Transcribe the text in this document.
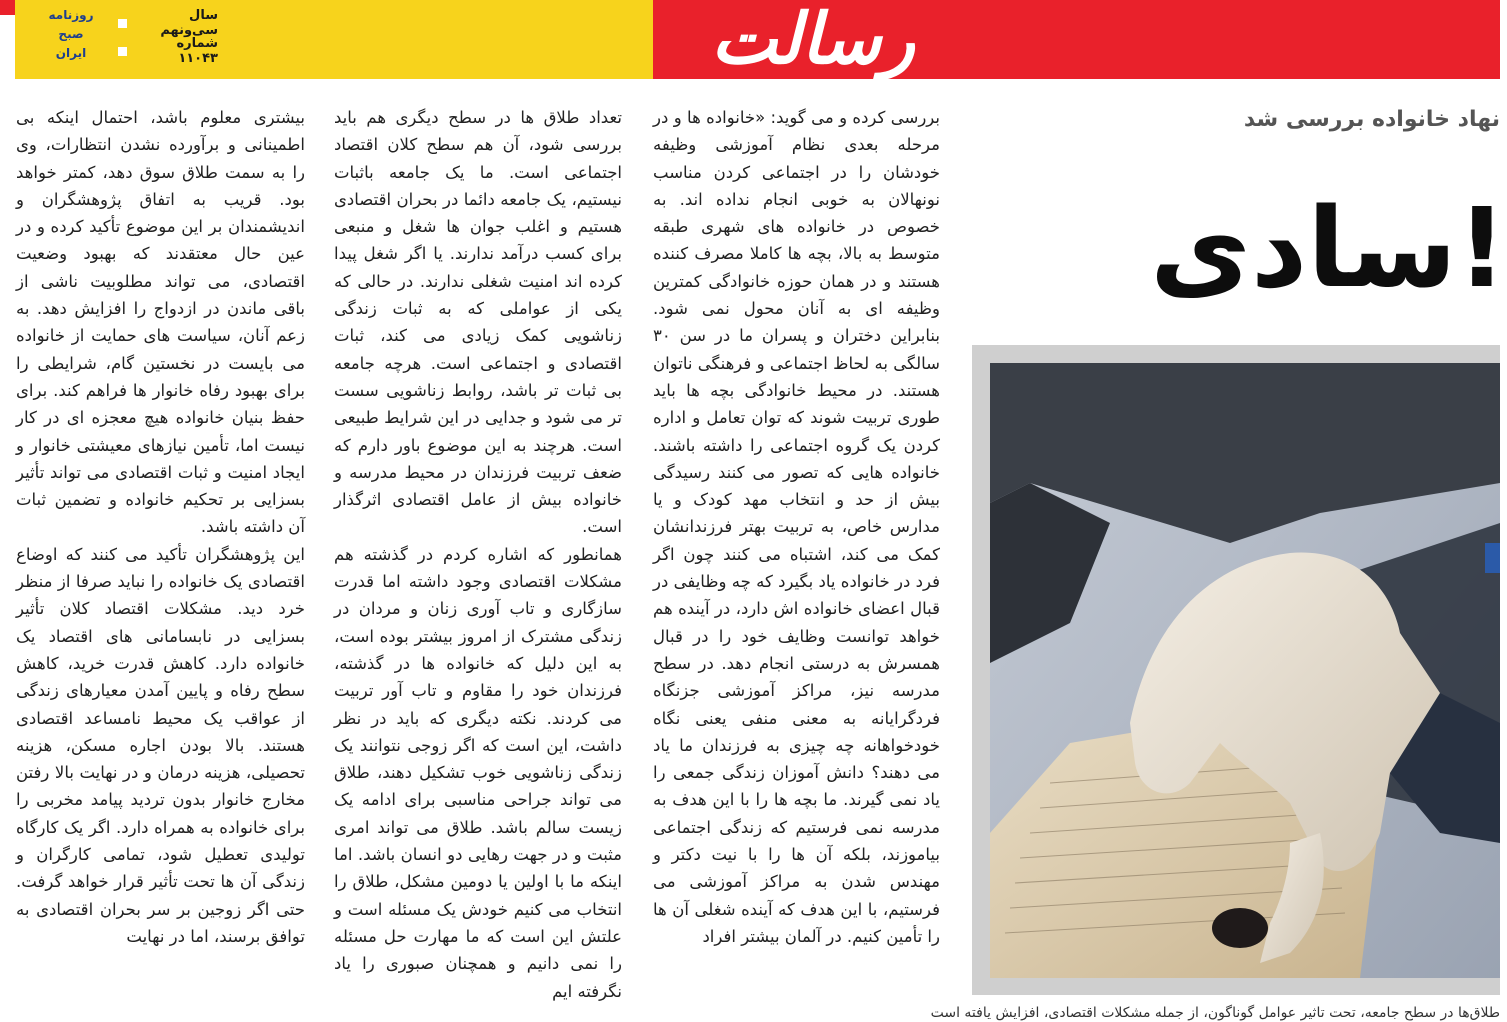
روزنامه
صبح
ایران
سال سی‌ونهم
شماره ۱۱۰۴۳	رسالت

بررسی کرده و می گوید: «خانواده ها و در مرحله بعدی نظام آموزشی وظیفه خودشان را در اجتماعی کردن مناسب نونهالان به خوبی انجام نداده اند. به خصوص در خانواده های شهری طبقه متوسط به بالا، بچه ها کاملا مصرف کننده هستند و در همان حوزه خانوادگی کمترین وظیفه ای به آنان محول نمی شود. بنابراین دختران و پسران ما در سن ۳۰ سالگی به لحاظ اجتماعی و فرهنگی ناتوان هستند. در محیط خانوادگی بچه ها باید طوری تربیت شوند که توان تعامل و اداره کردن یک گروه اجتماعی را داشته باشند. خانواده هایی که تصور می کنند رسیدگی بیش از حد و انتخاب مهد کودک و یا مدارس خاص، به تربیت بهتر فرزندانشان کمک می کند، اشتباه می کنند چون اگر فرد در خانواده یاد بگیرد که چه وظایفی در قبال اعضای خانواده اش دارد، در آینده هم خواهد توانست وظایف خود را در قبال همسرش به درستی انجام دهد. در سطح مدرسه نیز، مراکز آموزشی جزنگاه فردگرایانه به معنی منفی یعنی نگاه خودخواهانه چه چیزی به فرزندان ما یاد می دهند؟ دانش آموزان زندگی جمعی را یاد نمی گیرند. ما بچه ها را با این هدف به مدرسه نمی فرستیم که زندگی اجتماعی بیاموزند، بلکه آن ها را با نیت دکتر و مهندس شدن به مراکز آموزشی می فرستیم، با این هدف که آینده شغلی آن ها را تأمین کنیم. در آلمان بیشتر افراد

تعداد طلاق ها در سطح دیگری هم باید بررسی شود، آن هم سطح کلان اقتصاد اجتماعی است. ما یک جامعه باثبات نیستیم، یک جامعه دائما در بحران اقتصادی هستیم و اغلب جوان ها شغل و منبعی برای کسب درآمد ندارند. یا اگر شغل پیدا کرده اند امنیت شغلی ندارند. در حالی که یکی از عواملی که به ثبات زندگی زناشویی کمک زیادی می کند، ثبات اقتصادی و اجتماعی است. هرچه جامعه بی ثبات تر باشد، روابط زناشویی سست تر می شود و جدایی در این شرایط طبیعی است. هرچند به این موضوع باور دارم که ضعف تربیت فرزندان در محیط مدرسه و خانواده بیش از عامل اقتصادی اثرگذار است.

همانطور که اشاره کردم در گذشته هم مشکلات اقتصادی وجود داشته اما قدرت سازگاری و تاب آوری زنان و مردان در زندگی مشترک از امروز بیشتر بوده است، به این دلیل که خانواده ها در گذشته، فرزندان خود را مقاوم و تاب آور تربیت می کردند. نکته دیگری که باید در نظر داشت، این است که اگر زوجی نتوانند یک زندگی زناشویی خوب تشکیل دهند، طلاق می تواند جراحی مناسبی برای ادامه یک زیست سالم باشد. طلاق می تواند امری مثبت و در جهت رهایی دو انسان باشد. اما اینکه ما با اولین یا دومین مشکل، طلاق را انتخاب می کنیم خودش یک مسئله است و علتش این است که ما مهارت حل مسئله را نمی دانیم و همچنان صبوری را یاد نگرفته ایم

بیشتری معلوم باشد، احتمال اینکه بی اطمینانی و برآورده نشدن انتظارات، وی را به سمت طلاق سوق دهد، کمتر خواهد بود. قریب به اتفاق پژوهشگران و اندیشمندان بر این موضوع تأکید کرده و در عین حال معتقدند که بهبود وضعیت اقتصادی، می تواند مطلوبیت ناشی از باقی ماندن در ازدواج را افزایش دهد. به زعم آنان، سیاست های حمایت از خانواده می بایست در نخستین گام، شرایطی را برای بهبود رفاه خانوار ها فراهم کند. برای حفظ بنیان خانواده هیچ معجزه ای در کار نیست اما، تأمین نیازهای معیشتی خانوار و ایجاد امنیت و ثبات اقتصادی می تواند تأثیر بسزایی بر تحکیم خانواده و تضمین ثبات آن داشته باشد.

این پژوهشگران تأکید می کنند که اوضاع اقتصادی یک خانواده را نباید صرفا از منظر خرد دید. مشکلات اقتصاد کلان تأثیر بسزایی در نابسامانی های اقتصاد یک خانواده دارد. کاهش قدرت خرید، کاهش سطح رفاه و پایین آمدن معیارهای زندگی از عواقب یک محیط نامساعد اقتصادی هستند. بالا بودن اجاره مسکن، هزینه تحصیلی، هزینه درمان و در نهایت بالا رفتن مخارج خانوار بدون تردید پیامد مخربی را برای خانواده به همراه دارد. اگر یک کارگاه تولیدی تعطیل شود، تمامی کارگران و زندگی آن ها تحت تأثیر قرار خواهد گرفت. حتی اگر زوجین بر سر بحران اقتصادی به توافق برسند، اما در نهایت

نهاد خانواده بررسی شد
سادی!
طلاق‌ها در سطح جامعه، تحت تاثیر عوامل گوناگون، از جمله مشکلات اقتصادی، افزایش یافته است
